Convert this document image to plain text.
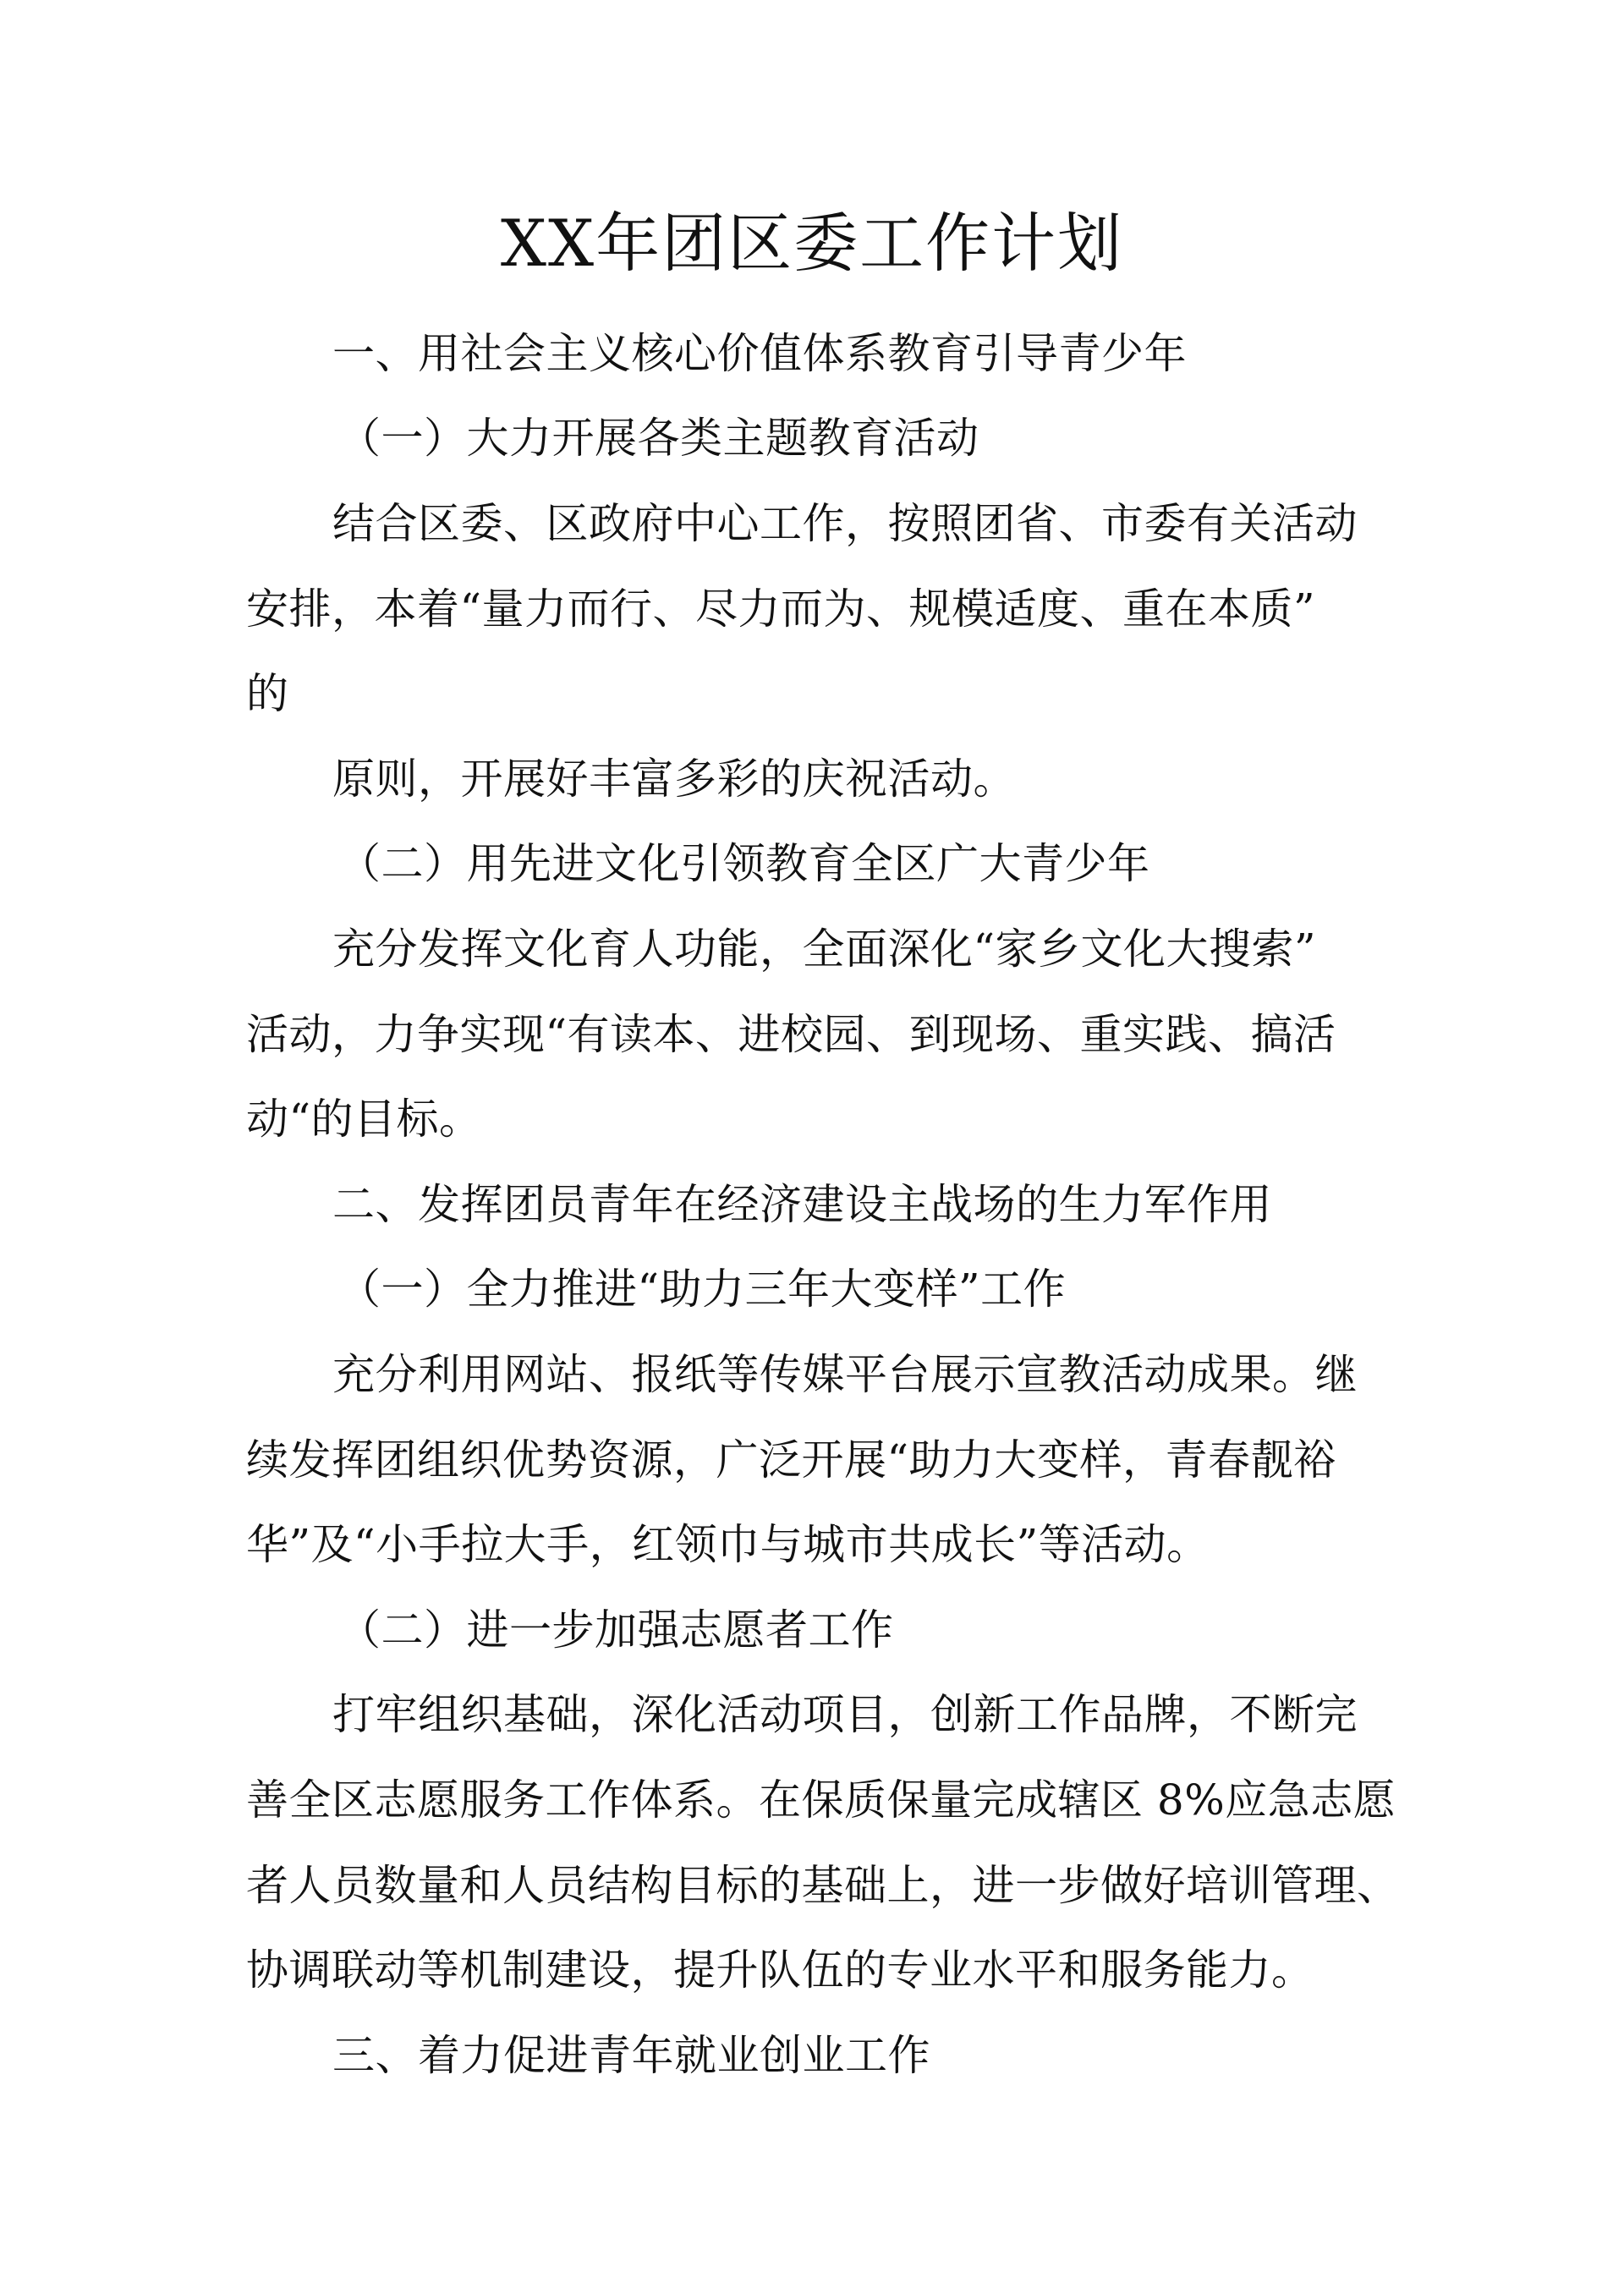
XX年团区委工作计划
一、用社会主义核心价值体系教育引导青少年
（一）大力开展各类主题教育活动
结合区委、区政府中心工作，按照团省、市委有关活动
安排，本着“量力而行、尽力而为、规模适度、重在本质”
的
原则，开展好丰富多彩的庆祝活动。
（二）用先进文化引领教育全区广大青少年
充分发挥文化育人功能，全面深化“家乡文化大搜索”
活动，力争实现“有读本、进校园、到现场、重实践、搞活
动“的目标。
二、发挥团员青年在经济建设主战场的生力军作用
（一）全力推进“助力三年大变样”工作
充分利用网站、报纸等传媒平台展示宣教活动成果。继
续发挥团组织优势资源，广泛开展“助力大变样，青春靓裕
华”及“小手拉大手，红领巾与城市共成长”等活动。
（二）进一步加强志愿者工作
打牢组织基础，深化活动项目，创新工作品牌，不断完
善全区志愿服务工作体系。在保质保量完成辖区 8%应急志愿
者人员数量和人员结构目标的基础上，进一步做好培训管理、
协调联动等机制建设，提升队伍的专业水平和服务能力。
三、着力促进青年就业创业工作
